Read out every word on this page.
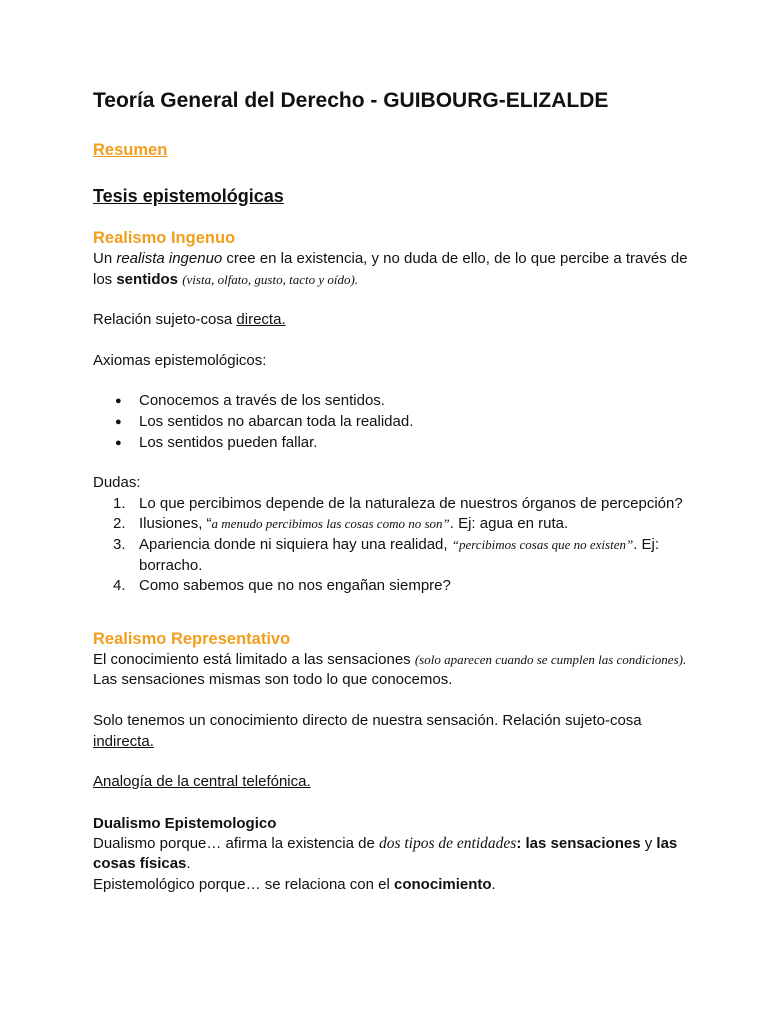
Teoría General del Derecho - GUIBOURG-ELIZALDE
Resumen
Tesis epistemológicas
Realismo Ingenuo

Un realista ingenuo cree en la existencia, y no duda de ello, de lo que percibe a través de los sentidos (vista, olfato, gusto, tacto y oído).

Relación sujeto-cosa directa.

Axiomas epistemológicos:

● Conocemos a través de los sentidos.
● Los sentidos no abarcan toda la realidad.
● Los sentidos pueden fallar.

Dudas:

1. Lo que percibimos depende de la naturaleza de nuestros órganos de percepción?
2. Ilusiones, “a menudo percibimos las cosas como no son”. Ej: agua en ruta.
3. Apariencia donde ni siquiera hay una realidad, “percibimos cosas que no existen”. Ej: borracho.
4. Como sabemos que no nos engañan siempre?
Realismo Representativo

El conocimiento está limitado a las sensaciones (solo aparecen cuando se cumplen las condiciones). Las sensaciones mismas son todo lo que conocemos.

Solo tenemos un conocimiento directo de nuestra sensación. Relación sujeto-cosa indirecta.

Analogía de la central telefónica.

Dualismo Epistemologico

Dualismo porque… afirma la existencia de dos tipos de entidades: las sensaciones y las cosas físicas.

Epistemológico porque… se relaciona con el conocimiento.
